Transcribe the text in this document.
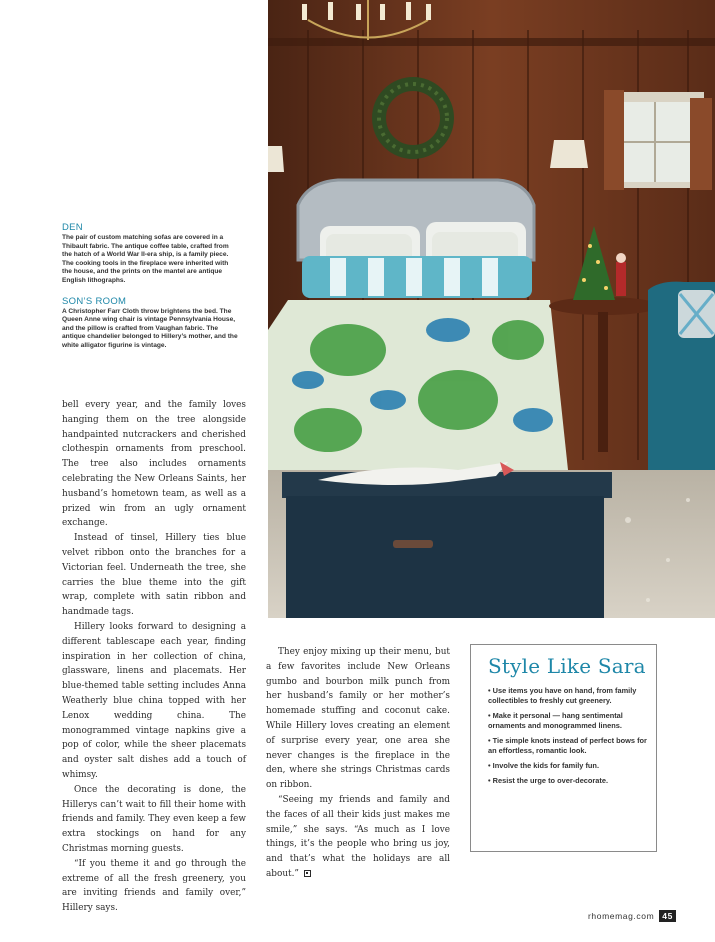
DEN

The pair of custom matching sofas are covered in a Thibault fabric. The antique coffee table, crafted from the hatch of a World War II-era ship, is a family piece. The cooking tools in the fireplace were inherited with the house, and the prints on the mantel are antique English lithographs.

SON’S ROOM

A Christopher Farr Cloth throw brightens the bed. The Queen Anne wing chair is vintage Pennsylvania House, and the pillow is crafted from Vaughan fabric. The antique chandelier belonged to Hillery’s mother, and the white alligator figurine is vintage.

bell every year, and the family loves hanging them on the tree alongside handpainted nutcrackers and cherished clothespin ornaments from preschool. The tree also includes ornaments celebrating the New Orleans Saints, her husband’s hometown team, as well as a prized win from an ugly ornament exchange.

Instead of tinsel, Hillery ties blue velvet ribbon onto the branches for a Victorian feel. Underneath the tree, she carries the blue theme into the gift wrap, complete with satin ribbon and handmade tags.

Hillery looks forward to designing a different tablescape each year, finding inspiration in her collection of china, glassware, linens and placemats. Her blue-themed table setting includes Anna Weatherly blue china topped with her Lenox wedding china. The monogrammed vintage napkins give a pop of color, while the sheer placemats and oyster salt dishes add a touch of whimsy.

Once the decorating is done, the Hillerys can’t wait to fill their home with friends and family. They even keep a few extra stockings on hand for any Christmas morning guests.

“If you theme it and go through the extreme of all the fresh greenery, you are inviting friends and family over,” Hillery says.

They enjoy mixing up their menu, but a few favorites include New Orleans gumbo and bourbon milk punch from her husband’s family or her mother’s homemade stuffing and coconut cake. While Hillery loves creating an element of surprise every year, one area she never changes is the fireplace in the den, where she strings Christmas cards on ribbon.

“Seeing my friends and family and the faces of all their kids just makes me smile,” she says. “As much as I love things, it’s the people who bring us joy, and that’s what the holidays are all about.”

Style Like Sara
• Use items you have on hand, from family collectibles to freshly cut greenery.
• Make it personal — hang sentimental ornaments and monogrammed linens.
• Tie simple knots instead of perfect bows for an effortless, romantic look.
• Involve the kids for family fun.
• Resist the urge to over-decorate.
rhomemag.com 45
